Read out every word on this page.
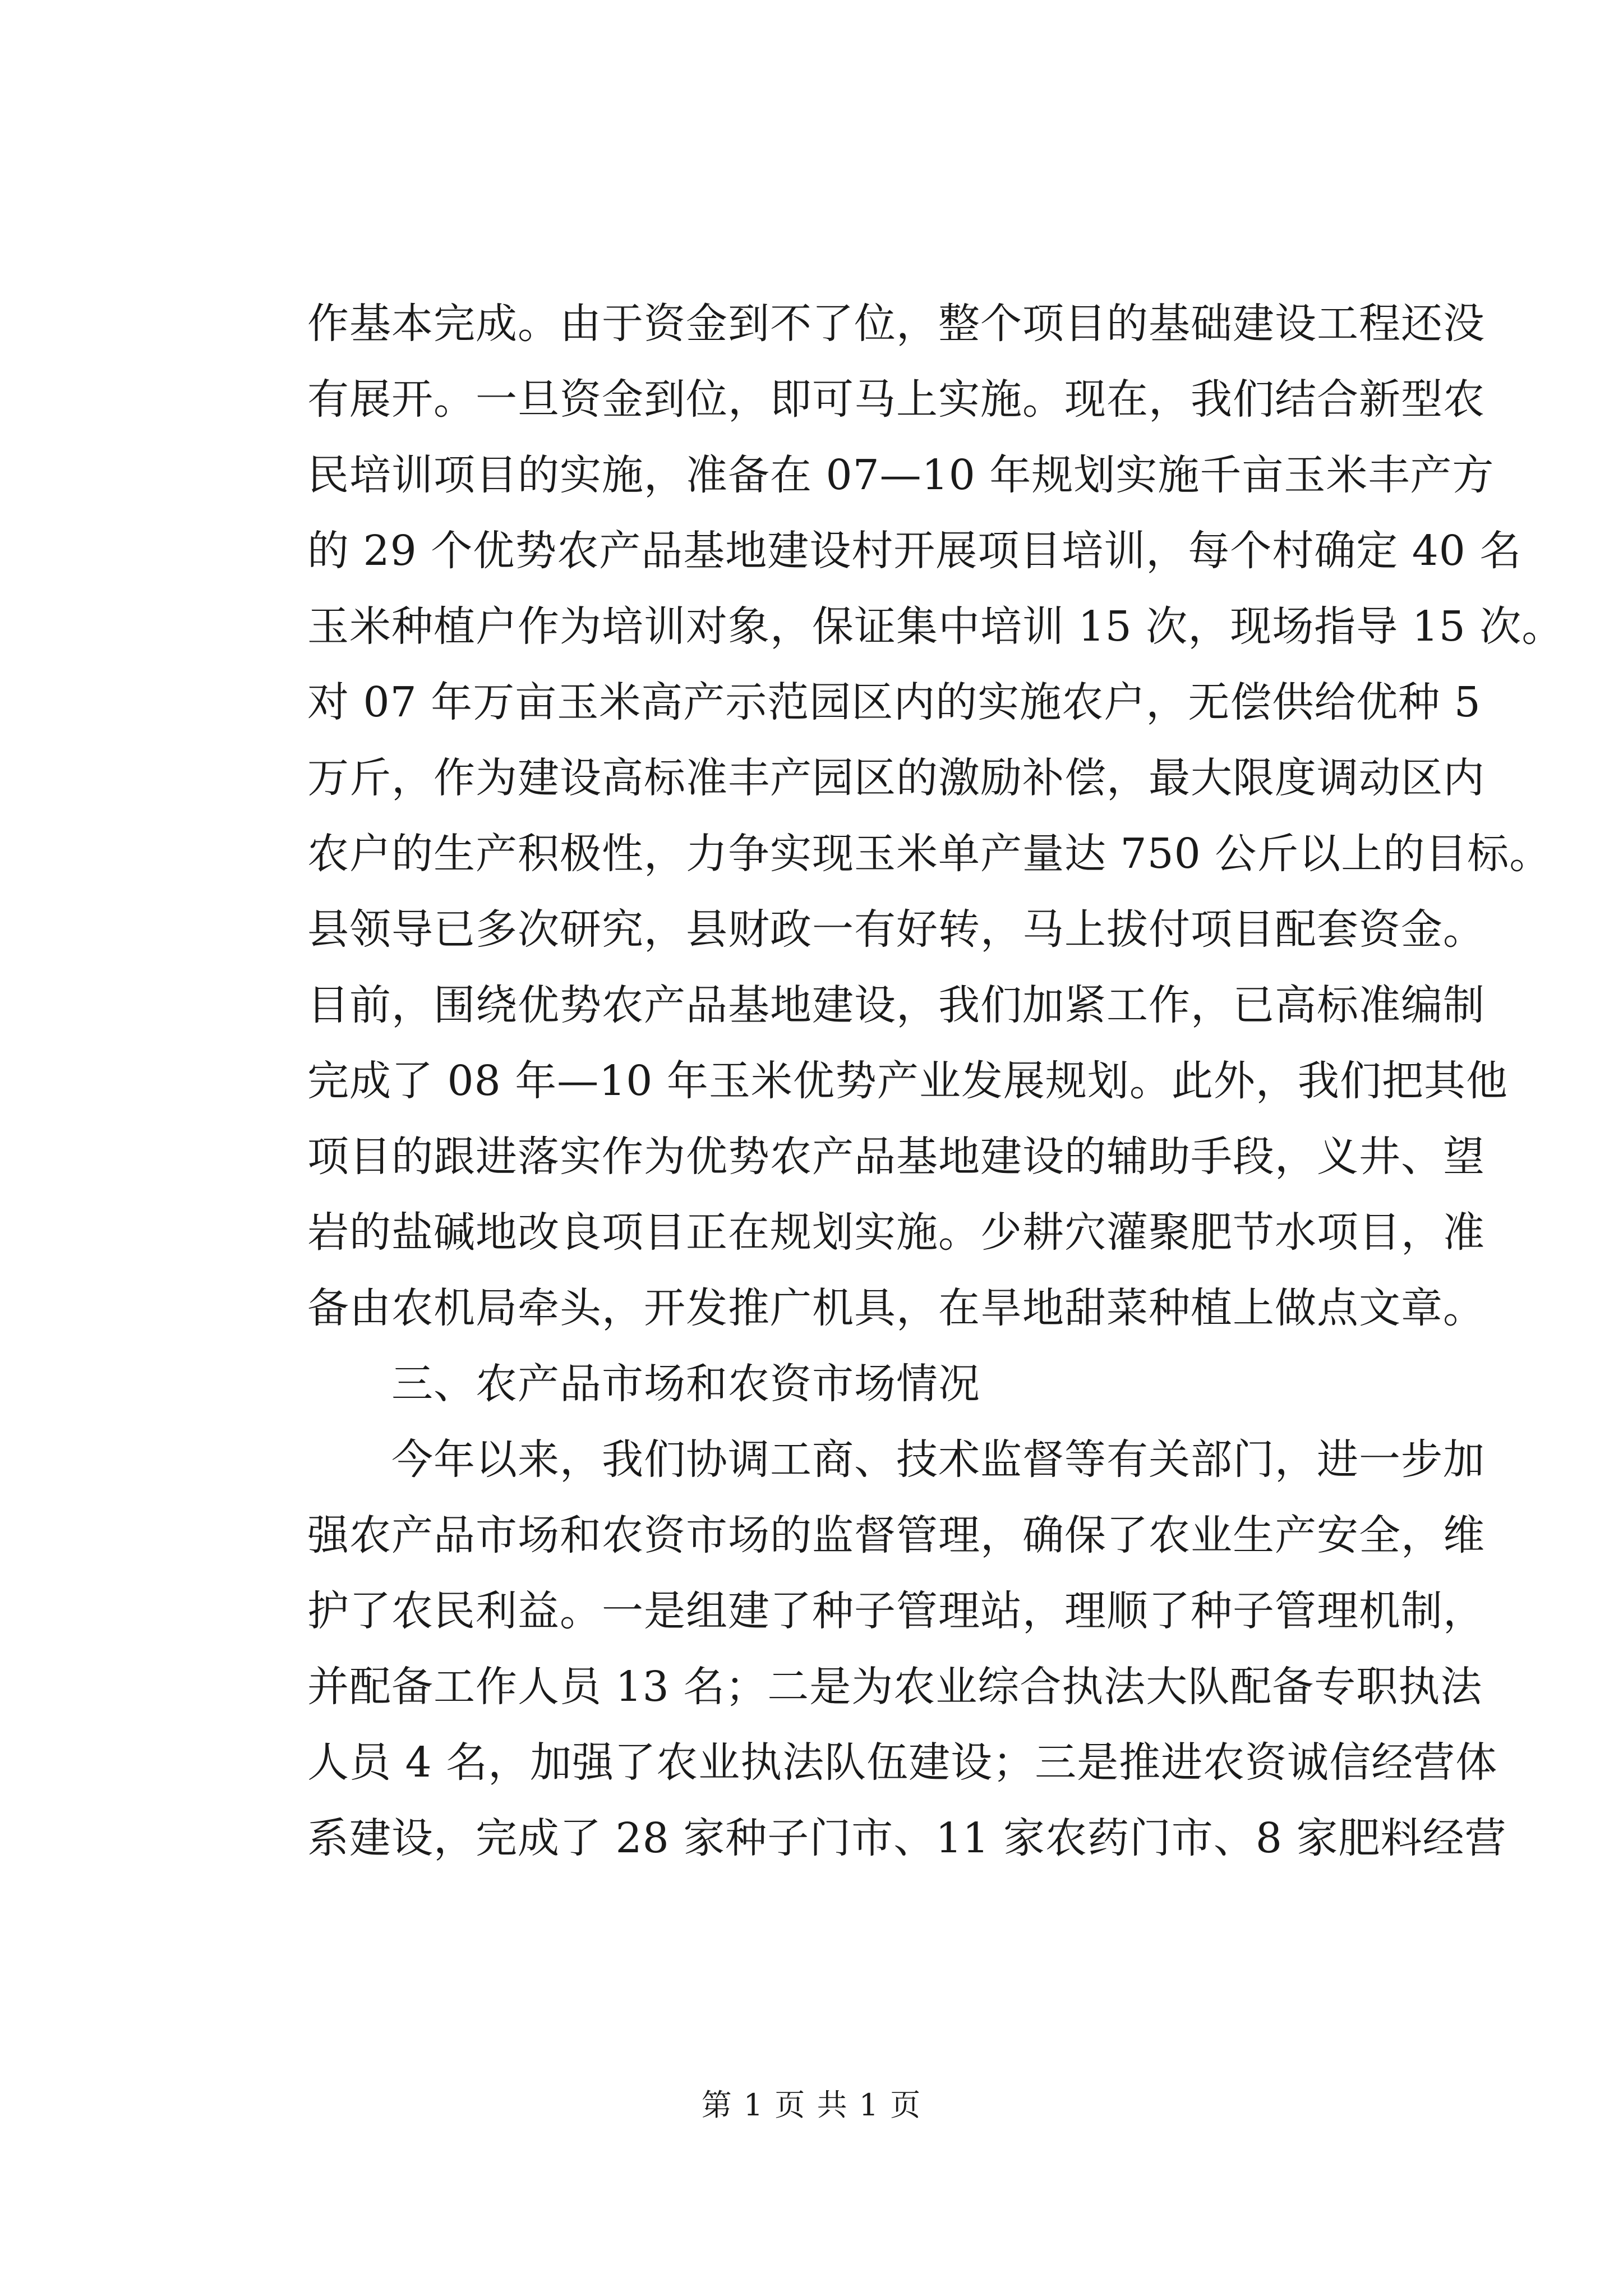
作基本完成。由于资金到不了位，整个项目的基础建设工程还没
有展开。一旦资金到位，即可马上实施。现在，我们结合新型农
民培训项目的实施，准备在 07—10 年规划实施千亩玉米丰产方
的 29 个优势农产品基地建设村开展项目培训，每个村确定 40 名
玉米种植户作为培训对象，保证集中培训 15 次，现场指导 15 次。
对 07 年万亩玉米高产示范园区内的实施农户，无偿供给优种 5
万斤，作为建设高标准丰产园区的激励补偿，最大限度调动区内
农户的生产积极性，力争实现玉米单产量达 750 公斤以上的目标。
县领导已多次研究，县财政一有好转，马上拔付项目配套资金。
目前，围绕优势农产品基地建设，我们加紧工作，已高标准编制
完成了 08 年—10 年玉米优势产业发展规划。此外，我们把其他
项目的跟进落实作为优势农产品基地建设的辅助手段，义井、望
岩的盐碱地改良项目正在规划实施。少耕穴灌聚肥节水项目，准
备由农机局牵头，开发推广机具，在旱地甜菜种植上做点文章。
三、农产品市场和农资市场情况
今年以来，我们协调工商、技术监督等有关部门，进一步加
强农产品市场和农资市场的监督管理，确保了农业生产安全，维
护了农民利益。一是组建了种子管理站，理顺了种子管理机制，
并配备工作人员 13 名；二是为农业综合执法大队配备专职执法
人员 4 名，加强了农业执法队伍建设；三是推进农资诚信经营体
系建设，完成了 28 家种子门市、11 家农药门市、8 家肥料经营
第 1 页 共 1 页
